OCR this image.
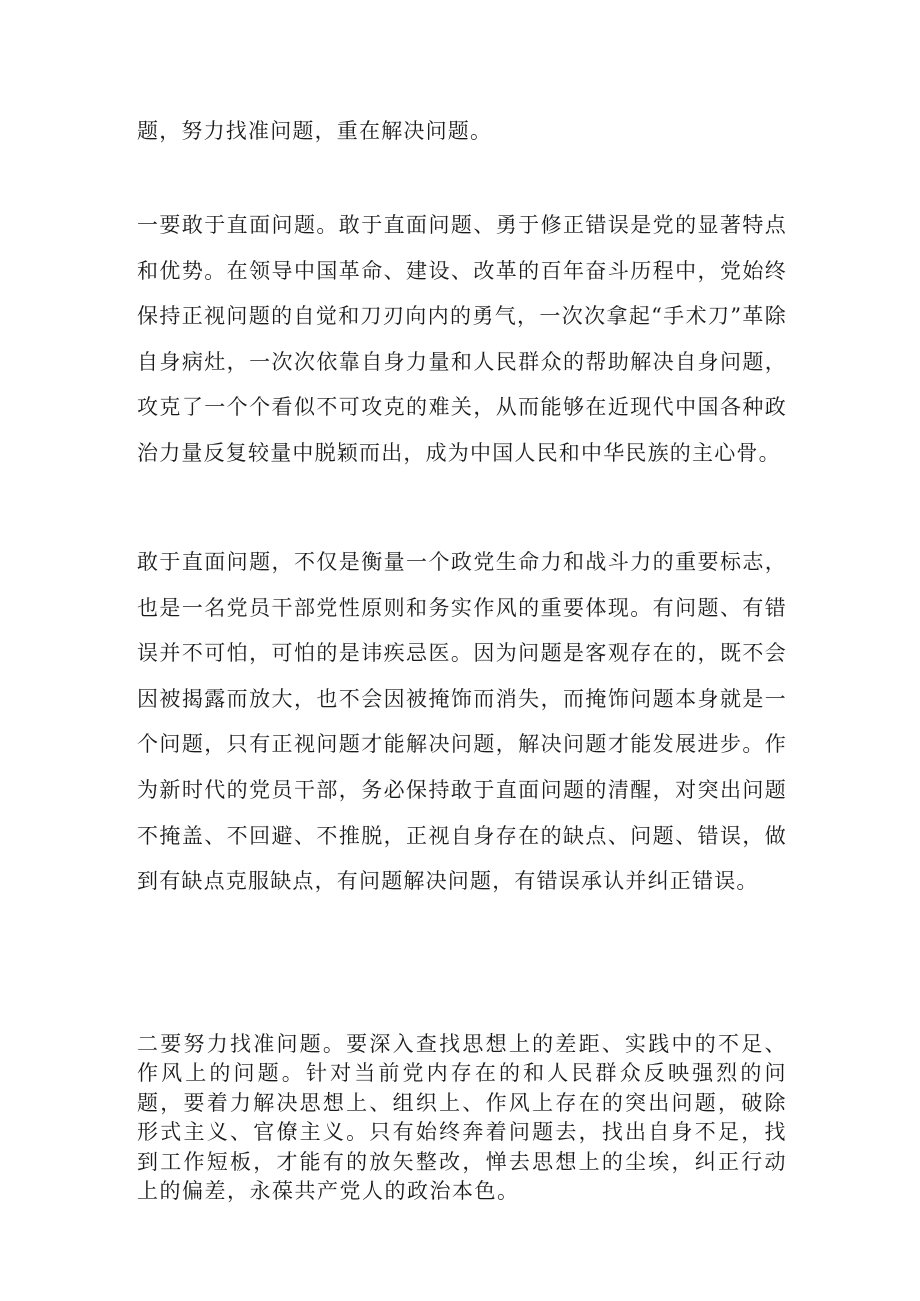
题，努力找准问题，重在解决问题。

一要敢于直面问题。敢于直面问题、勇于修正错误是党的显著特点和优势。在领导中国革命、建设、改革的百年奋斗历程中，党始终保持正视问题的自觉和刀刃向内的勇气，一次次拿起“手术刀”革除自身病灶，一次次依靠自身力量和人民群众的帮助解决自身问题，攻克了一个个看似不可攻克的难关，从而能够在近现代中国各种政治力量反复较量中脱颖而出，成为中国人民和中华民族的主心骨。

敢于直面问题，不仅是衡量一个政党生命力和战斗力的重要标志，也是一名党员干部党性原则和务实作风的重要体现。有问题、有错误并不可怕，可怕的是讳疾忌医。因为问题是客观存在的，既不会因被揭露而放大，也不会因被掩饰而消失，而掩饰问题本身就是一个问题，只有正视问题才能解决问题，解决问题才能发展进步。作为新时代的党员干部，务必保持敢于直面问题的清醒，对突出问题不掩盖、不回避、不推脱，正视自身存在的缺点、问题、错误，做到有缺点克服缺点，有问题解决问题，有错误承认并纠正错误。

二要努力找准问题。要深入查找思想上的差距、实践中的不足、作风上的问题。针对当前党内存在的和人民群众反映强烈的问题，要着力解决思想上、组织上、作风上存在的突出问题，破除形式主义、官僚主义。只有始终奔着问题去，找出自身不足，找到工作短板，才能有的放矢整改，惮去思想上的尘埃，纠正行动上的偏差，永葆共产党人的政治本色。
